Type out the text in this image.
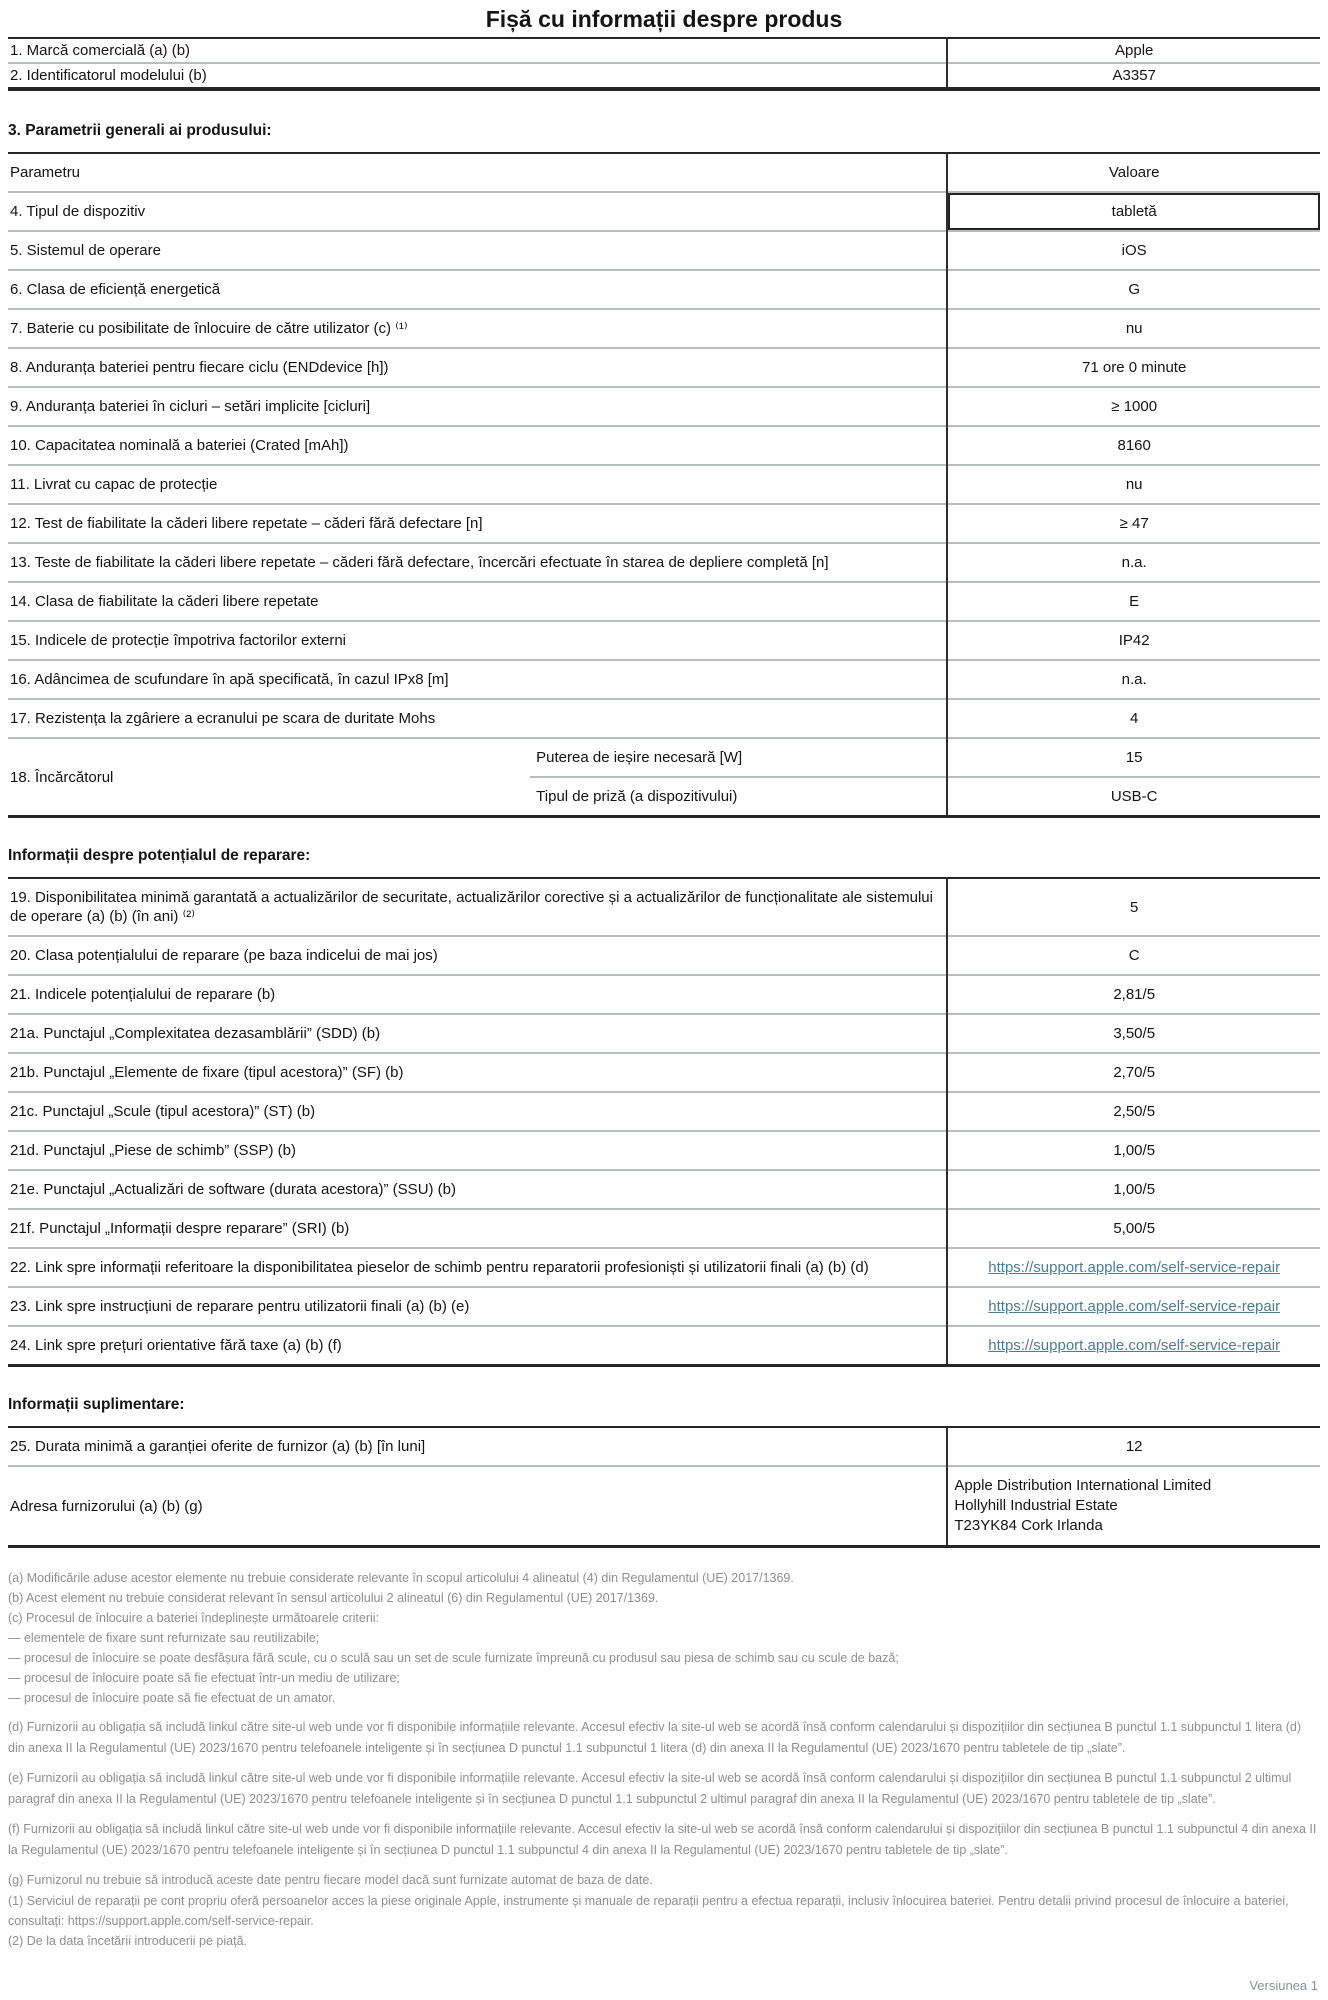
Fișă cu informații despre produs
1. Marcă comercială (a) (b)	Apple
2. Identificatorul modelului (b)	A3357
3. Parametrii generali ai produsului:
Parametru		Valoare
4. Tipul de dispozitiv		tabletă
5. Sistemul de operare		iOS
6. Clasa de eficiență energetică		G
7. Baterie cu posibilitate de înlocuire de către utilizator (c) ⁽¹⁾		nu
8. Anduranța bateriei pentru fiecare ciclu (ENDdevice [h])		71 ore 0 minute
9. Anduranța bateriei în cicluri – setări implicite [cicluri]		≥ 1000
10. Capacitatea nominală a bateriei (Crated [mAh])		8160
11. Livrat cu capac de protecție		nu
12. Test de fiabilitate la căderi libere repetate – căderi fără defectare [n]		≥ 47
13. Teste de fiabilitate la căderi libere repetate – căderi fără defectare, încercări efectuate în starea de depliere completă [n]		n.a.
14. Clasa de fiabilitate la căderi libere repetate		E
15. Indicele de protecție împotriva factorilor externi		IP42
16. Adâncimea de scufundare în apă specificată, în cazul IPx8 [m]		n.a.
17. Rezistența la zgâriere a ecranului pe scara de duritate Mohs		4
18. Încărcătorul	Puterea de ieșire necesară [W]	15
	Tipul de priză (a dispozitivului)	USB-C
Informații despre potențialul de reparare:
19. Disponibilitatea minimă garantată a actualizărilor de securitate, actualizărilor corective și a actualizărilor de funcționalitate ale sistemului de operare (a) (b) (în ani) ⁽²⁾	5
20. Clasa potențialului de reparare (pe baza indicelui de mai jos)	C
21. Indicele potențialului de reparare (b)	2,81/5
21a. Punctajul „Complexitatea dezasamblării” (SDD) (b)	3,50/5
21b. Punctajul „Elemente de fixare (tipul acestora)” (SF) (b)	2,70/5
21c. Punctajul „Scule (tipul acestora)” (ST) (b)	2,50/5
21d. Punctajul „Piese de schimb” (SSP) (b)	1,00/5
21e. Punctajul „Actualizări de software (durata acestora)” (SSU) (b)	1,00/5
21f. Punctajul „Informații despre reparare” (SRI) (b)	5,00/5
22. Link spre informații referitoare la disponibilitatea pieselor de schimb pentru reparatorii profesioniști și utilizatorii finali (a) (b) (d)	https://support.apple.com/self-service-repair
23. Link spre instrucțiuni de reparare pentru utilizatorii finali (a) (b) (e)	https://support.apple.com/self-service-repair
24. Link spre prețuri orientative fără taxe (a) (b) (f)	https://support.apple.com/self-service-repair
Informații suplimentare:
25. Durata minimă a garanției oferite de furnizor (a) (b) [în luni]	12
Adresa furnizorului (a) (b) (g)	Apple Distribution International Limited
Hollyhill Industrial Estate
T23YK84 Cork Irlanda
(a) Modificările aduse acestor elemente nu trebuie considerate relevante în scopul articolului 4 alineatul (4) din Regulamentul (UE) 2017/1369.
(b) Acest element nu trebuie considerat relevant în sensul articolului 2 alineatul (6) din Regulamentul (UE) 2017/1369.
(c) Procesul de înlocuire a bateriei îndeplinește următoarele criterii:
— elementele de fixare sunt refurnizate sau reutilizabile;
— procesul de înlocuire se poate desfășura fără scule, cu o sculă sau un set de scule furnizate împreună cu produsul sau piesa de schimb sau cu scule de bază;
— procesul de înlocuire poate să fie efectuat într-un mediu de utilizare;
— procesul de înlocuire poate să fie efectuat de un amator.
(d) Furnizorii au obligația să includă linkul către site-ul web unde vor fi disponibile informațiile relevante. Accesul efectiv la site-ul web se acordă însă conform calendarului și dispozițiilor din secțiunea B punctul 1.1 subpunctul 1 litera (d) din anexa II la Regulamentul (UE) 2023/1670 pentru telefoanele inteligente și în secțiunea D punctul 1.1 subpunctul 1 litera (d) din anexa II la Regulamentul (UE) 2023/1670 pentru tabletele de tip „slate”.
(e) Furnizorii au obligația să includă linkul către site-ul web unde vor fi disponibile informațiile relevante. Accesul efectiv la site-ul web se acordă însă conform calendarului și dispozițiilor din secțiunea B punctul 1.1 subpunctul 2 ultimul paragraf din anexa II la Regulamentul (UE) 2023/1670 pentru telefoanele inteligente și în secțiunea D punctul 1.1 subpunctul 2 ultimul paragraf din anexa II la Regulamentul (UE) 2023/1670 pentru tabletele de tip „slate”.
(f) Furnizorii au obligația să includă linkul către site-ul web unde vor fi disponibile informațiile relevante. Accesul efectiv la site-ul web se acordă însă conform calendarului și dispozițiilor din secțiunea B punctul 1.1 subpunctul 4 din anexa II la Regulamentul (UE) 2023/1670 pentru telefoanele inteligente și în secțiunea D punctul 1.1 subpunctul 4 din anexa II la Regulamentul (UE) 2023/1670 pentru tabletele de tip „slate”.
(g) Furnizorul nu trebuie să introducă aceste date pentru fiecare model dacă sunt furnizate automat de baza de date.
(1) Serviciul de reparații pe cont propriu oferă persoanelor acces la piese originale Apple, instrumente și manuale de reparații pentru a efectua reparații, inclusiv înlocuirea bateriei. Pentru detalii privind procesul de înlocuire a bateriei, consultați: https://support.apple.com/self-service-repair.
(2) De la data încetării introducerii pe piață.
Versiunea 1
